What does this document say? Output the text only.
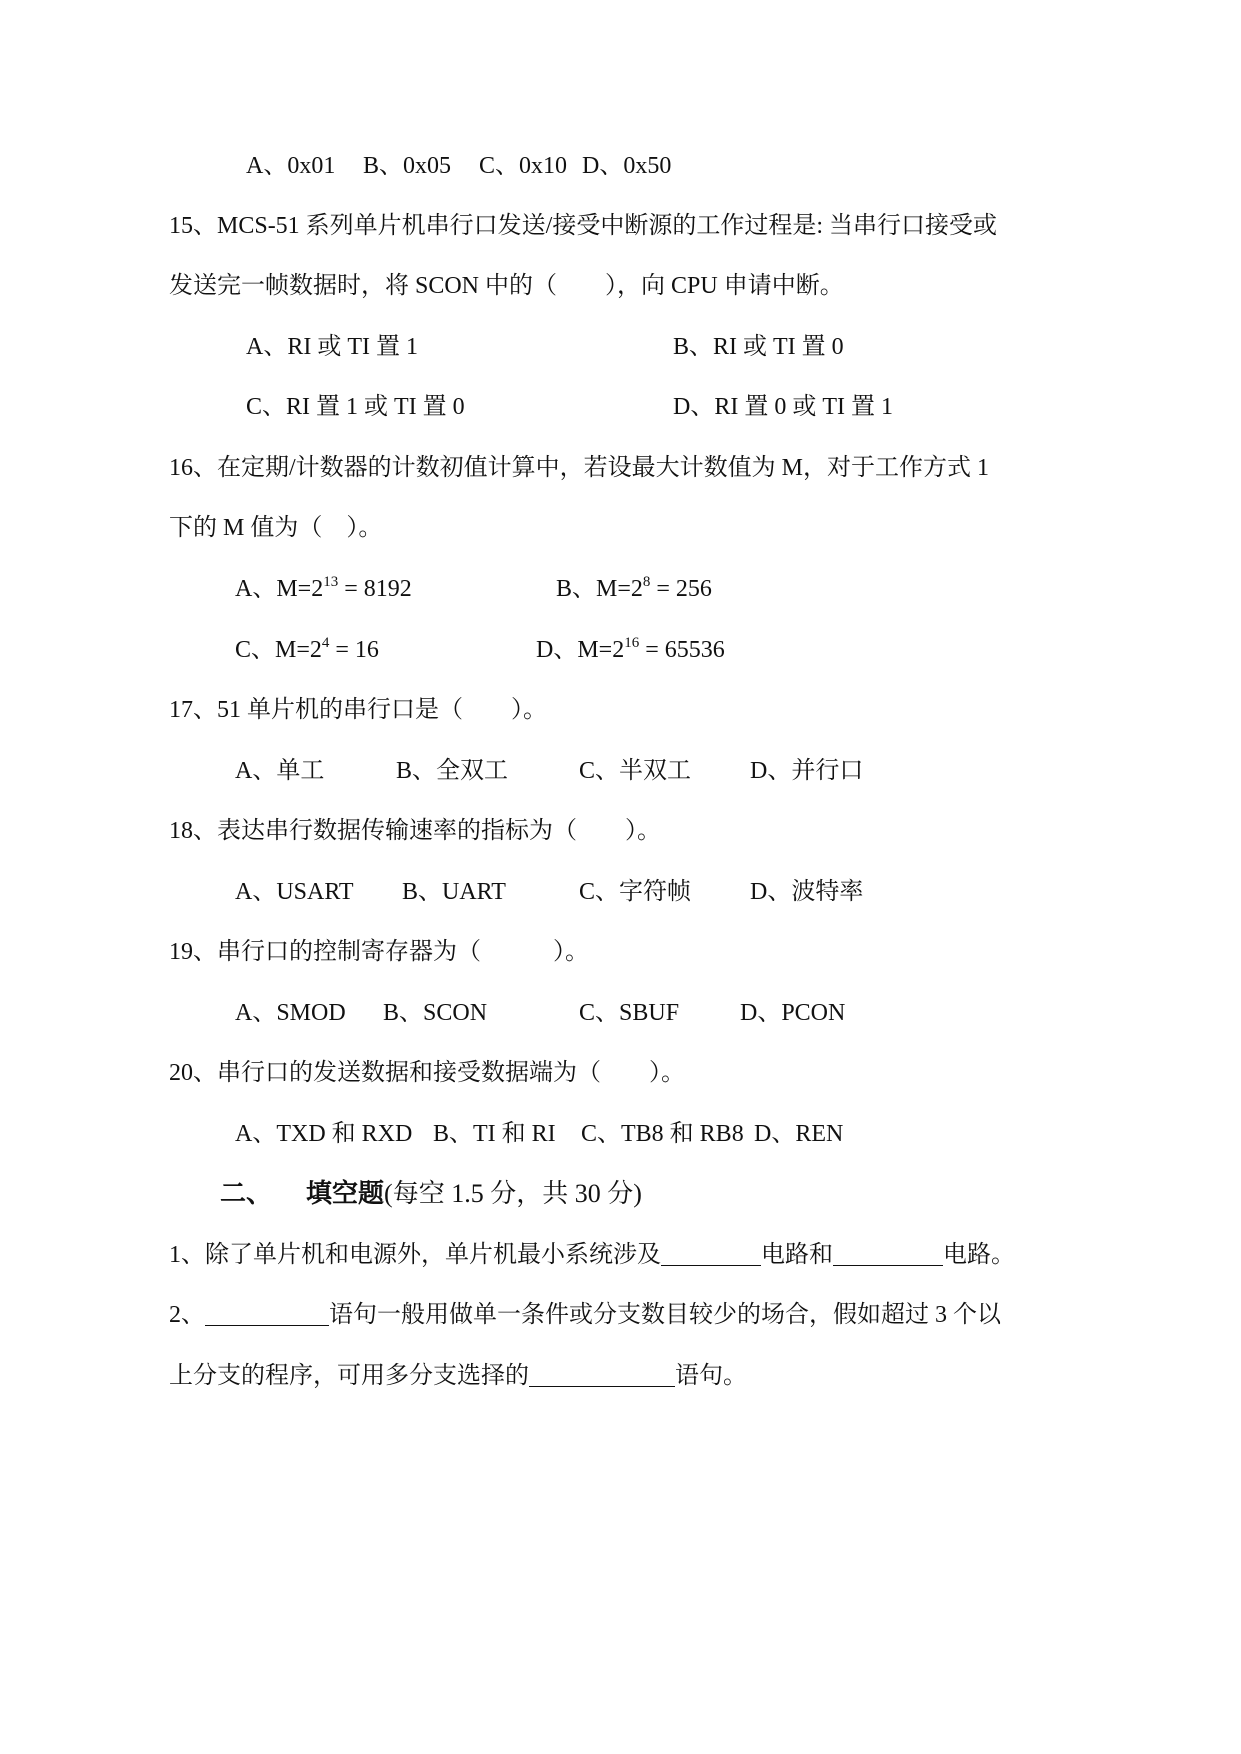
A、0x01 B、0x05 C、0x10 D、0x50
15、MCS-51 系列单片机串行口发送/接受中断源的工作过程是: 当串行口接受或
发送完一帧数据时，将 SCON 中的（　　），向 CPU 申请中断。
A、RI 或 TI 置 1	B、RI 或 TI 置 0
C、RI 置 1 或 TI 置 0	D、RI 置 0 或 TI 置 1
16、在定期/计数器的计数初值计算中，若设最大计数值为 M，对于工作方式 1
下的 M 值为（　）。
A、$M=2^{13} = 8192$	B、$M=2^8 = 256$
C、$M=2^4 = 16$	D、$M=2^{16} = 65536$
17、51 单片机的串行口是（　　）。
A、单工	B、全双工	C、半双工 D、并行口
18、表达串行数据传输速率的指标为（　　）。
A、USART B、UART	C、字符帧 D、波特率
19、串行口的控制寄存器为（　　　）。
A、SMOD B、SCON	C、SBUF	D、PCON
20、串行口的发送数据和接受数据端为（　　）。
A、TXD 和 RXD B、TI 和 RI C、TB8 和 RB8 D、REN
二、 填空题(每空 1.5 分，共 30 分)
1、除了单片机和电源外，单片机最小系统涉及	电路和	电路。
2、	语句一般用做单一条件或分支数目较少的场合，假如超过 3 个以
上分支的程序，可用多分支选择的	语句。
